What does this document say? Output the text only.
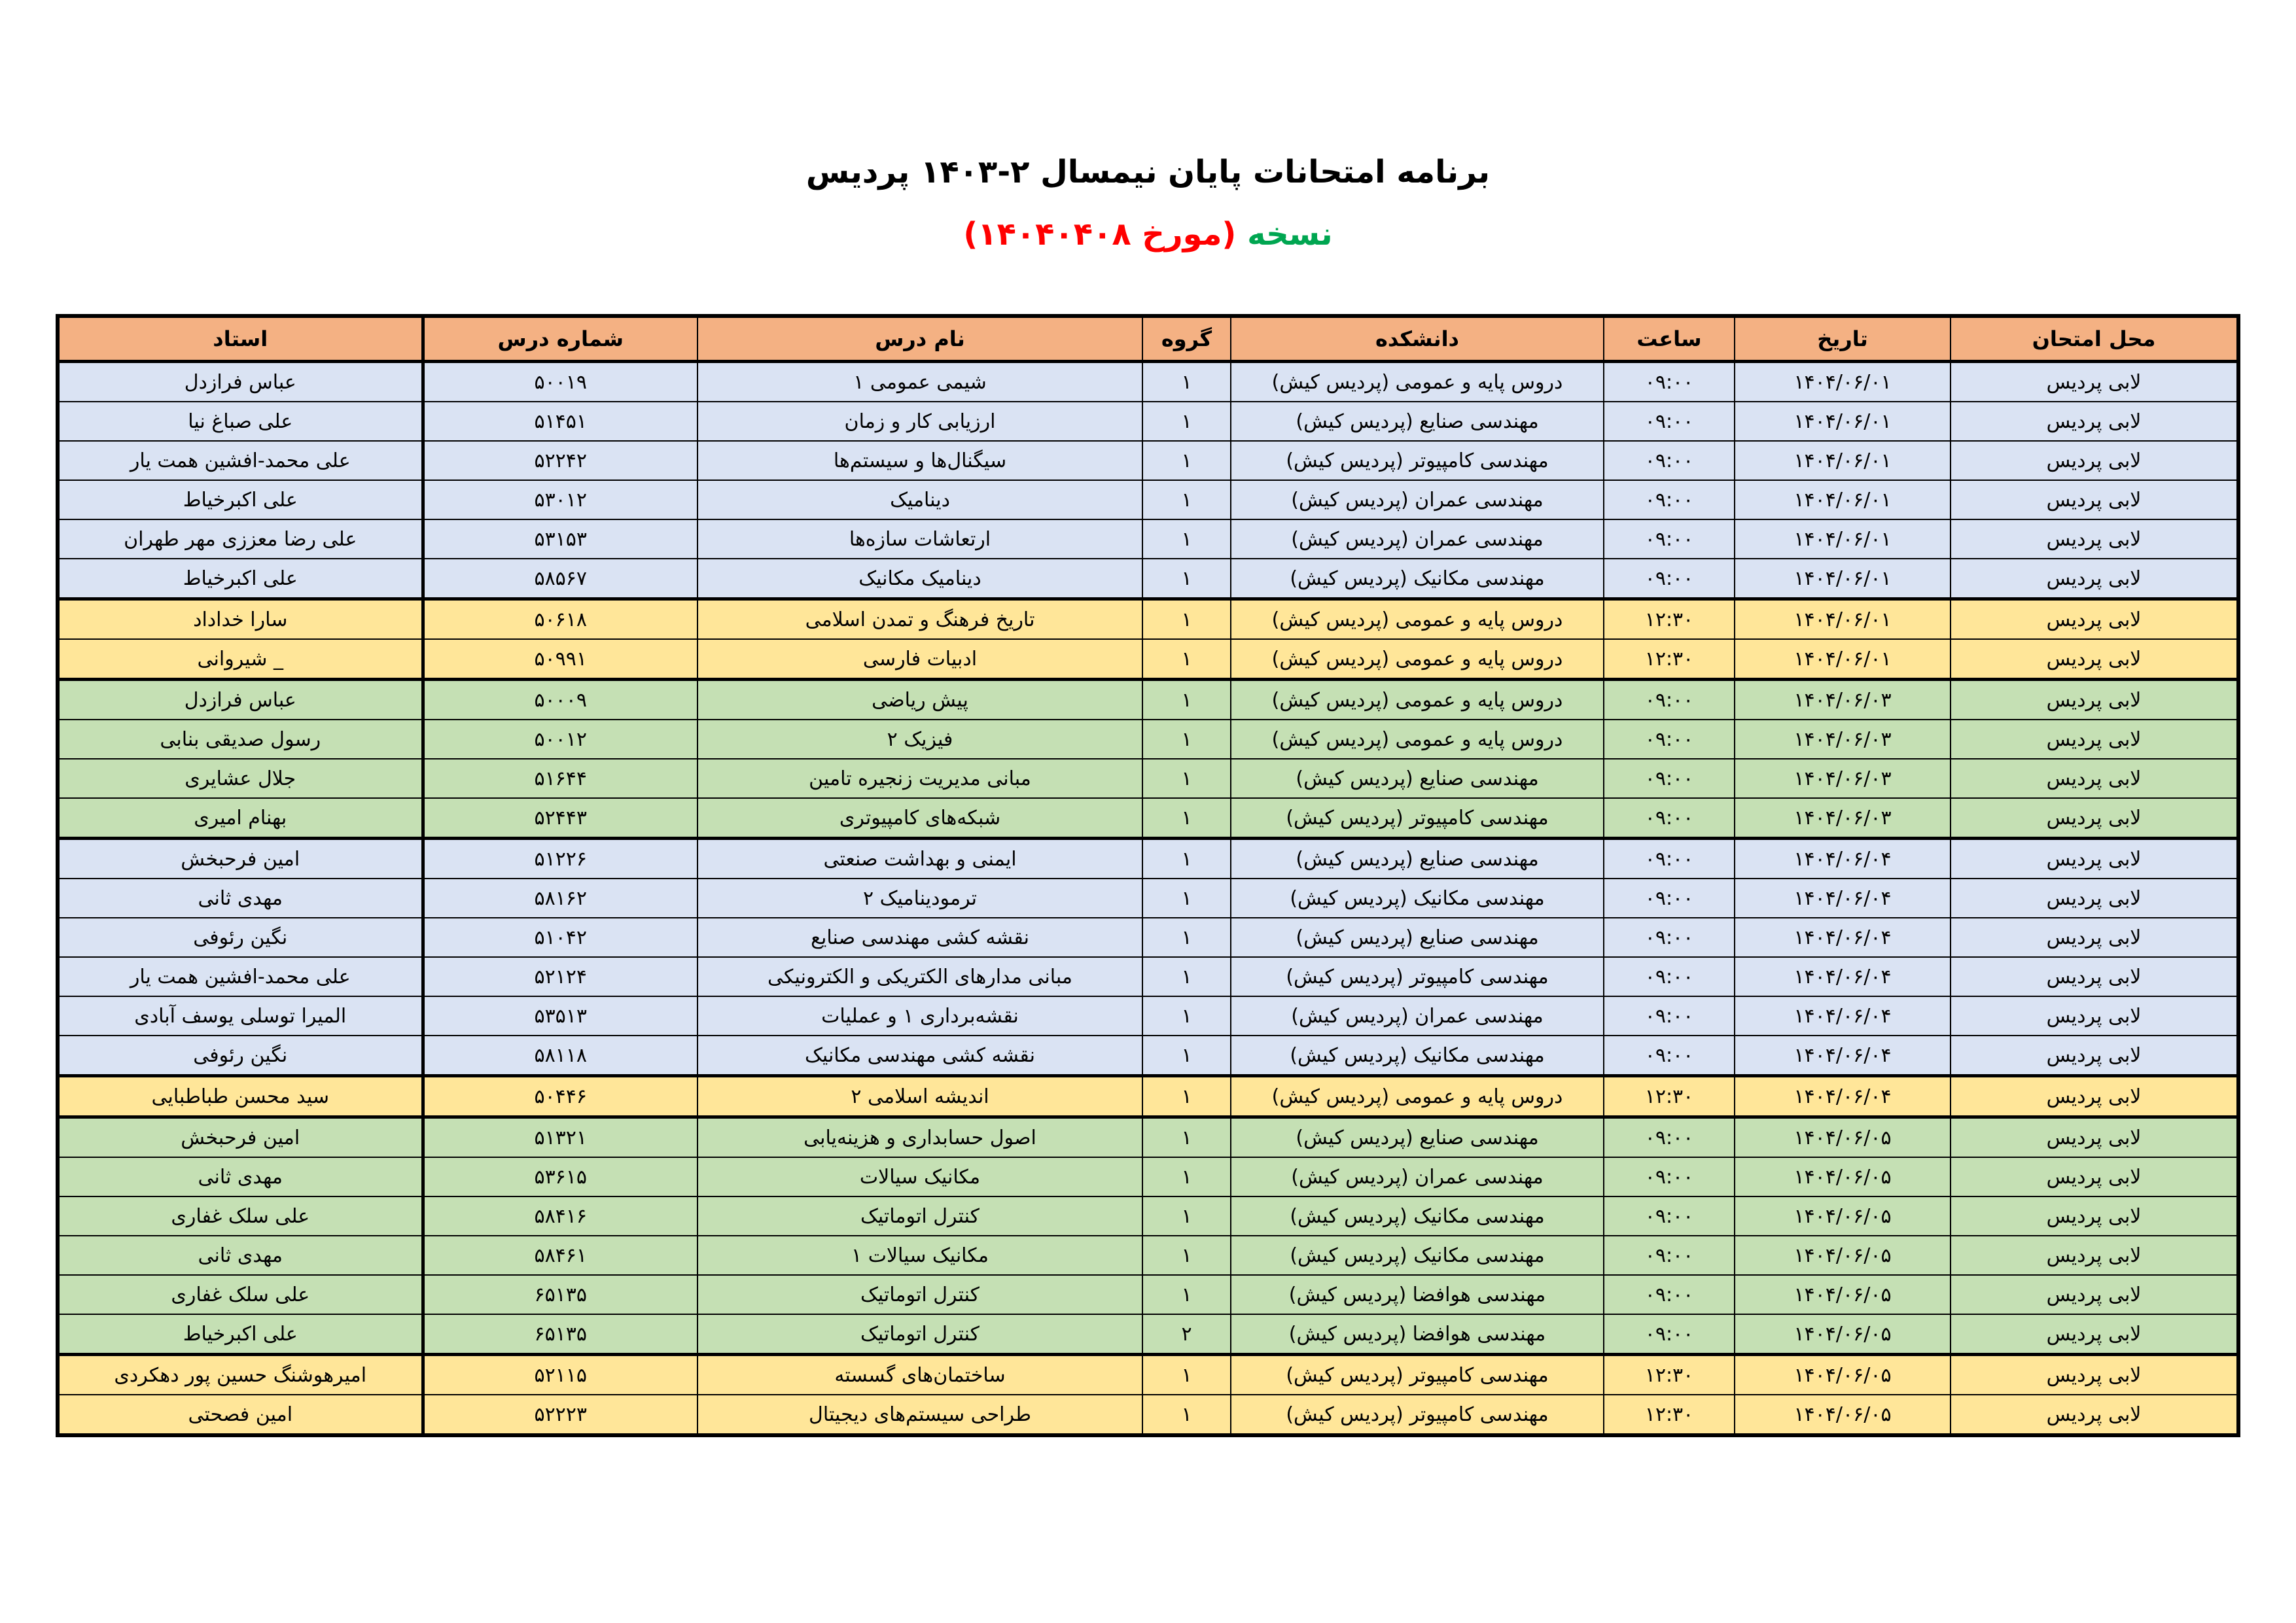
برنامه امتحانات پایان نیمسال ۲-۱۴۰۳ پردیس
نسخه (مورخ ۱۴۰۴۰۴۰۸)
محل امتحان	تاریخ	ساعت	دانشکده	گروه	نام درس	شماره درس	استاد
لابی پردیس	۱۴۰۴/۰۶/۰۱	۰۹:۰۰	دروس پایه و عمومی (پردیس کیش)	۱	شیمی عمومی ۱	۵۰۰۱۹	عباس فرازدل
لابی پردیس	۱۴۰۴/۰۶/۰۱	۰۹:۰۰	مهندسی صنایع (پردیس کیش)	۱	ارزیابی کار و زمان	۵۱۴۵۱	علی صباغ نیا
لابی پردیس	۱۴۰۴/۰۶/۰۱	۰۹:۰۰	مهندسی کامپیوتر (پردیس کیش)	۱	سیگنال‌ها و سیستم‌ها	۵۲۲۴۲	علی محمد-افشین همت یار
لابی پردیس	۱۴۰۴/۰۶/۰۱	۰۹:۰۰	مهندسی عمران (پردیس کیش)	۱	دینامیک	۵۳۰۱۲	علی اکبرخیاط
لابی پردیس	۱۴۰۴/۰۶/۰۱	۰۹:۰۰	مهندسی عمران (پردیس کیش)	۱	ارتعاشات سازه‌ها	۵۳۱۵۳	علی رضا معززی مهر طهران
لابی پردیس	۱۴۰۴/۰۶/۰۱	۰۹:۰۰	مهندسی مکانیک (پردیس کیش)	۱	دینامیک مکانیک	۵۸۵۶۷	علی اکبرخیاط
لابی پردیس	۱۴۰۴/۰۶/۰۱	۱۲:۳۰	دروس پایه و عمومی (پردیس کیش)	۱	تاریخ فرهنگ و تمدن اسلامی	۵۰۶۱۸	سارا خداداد
لابی پردیس	۱۴۰۴/۰۶/۰۱	۱۲:۳۰	دروس پایه و عمومی (پردیس کیش)	۱	ادبیات فارسی	۵۰۹۹۱	_ شیروانی
لابی پردیس	۱۴۰۴/۰۶/۰۳	۰۹:۰۰	دروس پایه و عمومی (پردیس کیش)	۱	پیش ریاضی	۵۰۰۰۹	عباس فرازدل
لابی پردیس	۱۴۰۴/۰۶/۰۳	۰۹:۰۰	دروس پایه و عمومی (پردیس کیش)	۱	فیزیک ۲	۵۰۰۱۲	رسول صدیقی بنابی
لابی پردیس	۱۴۰۴/۰۶/۰۳	۰۹:۰۰	مهندسی صنایع (پردیس کیش)	۱	مبانی مدیریت زنجیره تامین	۵۱۶۴۴	جلال عشایری
لابی پردیس	۱۴۰۴/۰۶/۰۳	۰۹:۰۰	مهندسی کامپیوتر (پردیس کیش)	۱	شبکه‌های کامپیوتری	۵۲۴۴۳	بهنام امیری
لابی پردیس	۱۴۰۴/۰۶/۰۴	۰۹:۰۰	مهندسی صنایع (پردیس کیش)	۱	ایمنی و بهداشت صنعتی	۵۱۲۲۶	امین فرحبخش
لابی پردیس	۱۴۰۴/۰۶/۰۴	۰۹:۰۰	مهندسی مکانیک (پردیس کیش)	۱	ترمودینامیک ۲	۵۸۱۶۲	مهدی ثانی
لابی پردیس	۱۴۰۴/۰۶/۰۴	۰۹:۰۰	مهندسی صنایع (پردیس کیش)	۱	نقشه کشی مهندسی صنایع	۵۱۰۴۲	نگین رئوفی
لابی پردیس	۱۴۰۴/۰۶/۰۴	۰۹:۰۰	مهندسی کامپیوتر (پردیس کیش)	۱	مبانی مدارهای الکتریکی و الکترونیکی	۵۲۱۲۴	علی محمد-افشین همت یار
لابی پردیس	۱۴۰۴/۰۶/۰۴	۰۹:۰۰	مهندسی عمران (پردیس کیش)	۱	نقشه‌برداری ۱ و عملیات	۵۳۵۱۳	المیرا توسلی یوسف آبادی
لابی پردیس	۱۴۰۴/۰۶/۰۴	۰۹:۰۰	مهندسی مکانیک (پردیس کیش)	۱	نقشه کشی مهندسی مکانیک	۵۸۱۱۸	نگین رئوفی
لابی پردیس	۱۴۰۴/۰۶/۰۴	۱۲:۳۰	دروس پایه و عمومی (پردیس کیش)	۱	اندیشه اسلامی ۲	۵۰۴۴۶	سید محسن طباطبایی
لابی پردیس	۱۴۰۴/۰۶/۰۵	۰۹:۰۰	مهندسی صنایع (پردیس کیش)	۱	اصول حسابداری و هزینه‌یابی	۵۱۳۲۱	امین فرحبخش
لابی پردیس	۱۴۰۴/۰۶/۰۵	۰۹:۰۰	مهندسی عمران (پردیس کیش)	۱	مکانیک سیالات	۵۳۶۱۵	مهدی ثانی
لابی پردیس	۱۴۰۴/۰۶/۰۵	۰۹:۰۰	مهندسی مکانیک (پردیس کیش)	۱	کنترل اتوماتیک	۵۸۴۱۶	علی سلک غفاری
لابی پردیس	۱۴۰۴/۰۶/۰۵	۰۹:۰۰	مهندسی مکانیک (پردیس کیش)	۱	مکانیک سیالات ۱	۵۸۴۶۱	مهدی ثانی
لابی پردیس	۱۴۰۴/۰۶/۰۵	۰۹:۰۰	مهندسی هوافضا (پردیس کیش)	۱	کنترل اتوماتیک	۶۵۱۳۵	علی سلک غفاری
لابی پردیس	۱۴۰۴/۰۶/۰۵	۰۹:۰۰	مهندسی هوافضا (پردیس کیش)	۲	کنترل اتوماتیک	۶۵۱۳۵	علی اکبرخیاط
لابی پردیس	۱۴۰۴/۰۶/۰۵	۱۲:۳۰	مهندسی کامپیوتر (پردیس کیش)	۱	ساختمان‌های گسسته	۵۲۱۱۵	امیرهوشنگ حسین پور دهکردی
لابی پردیس	۱۴۰۴/۰۶/۰۵	۱۲:۳۰	مهندسی کامپیوتر (پردیس کیش)	۱	طراحی سیستم‌های دیجیتال	۵۲۲۲۳	امین فصحتی
